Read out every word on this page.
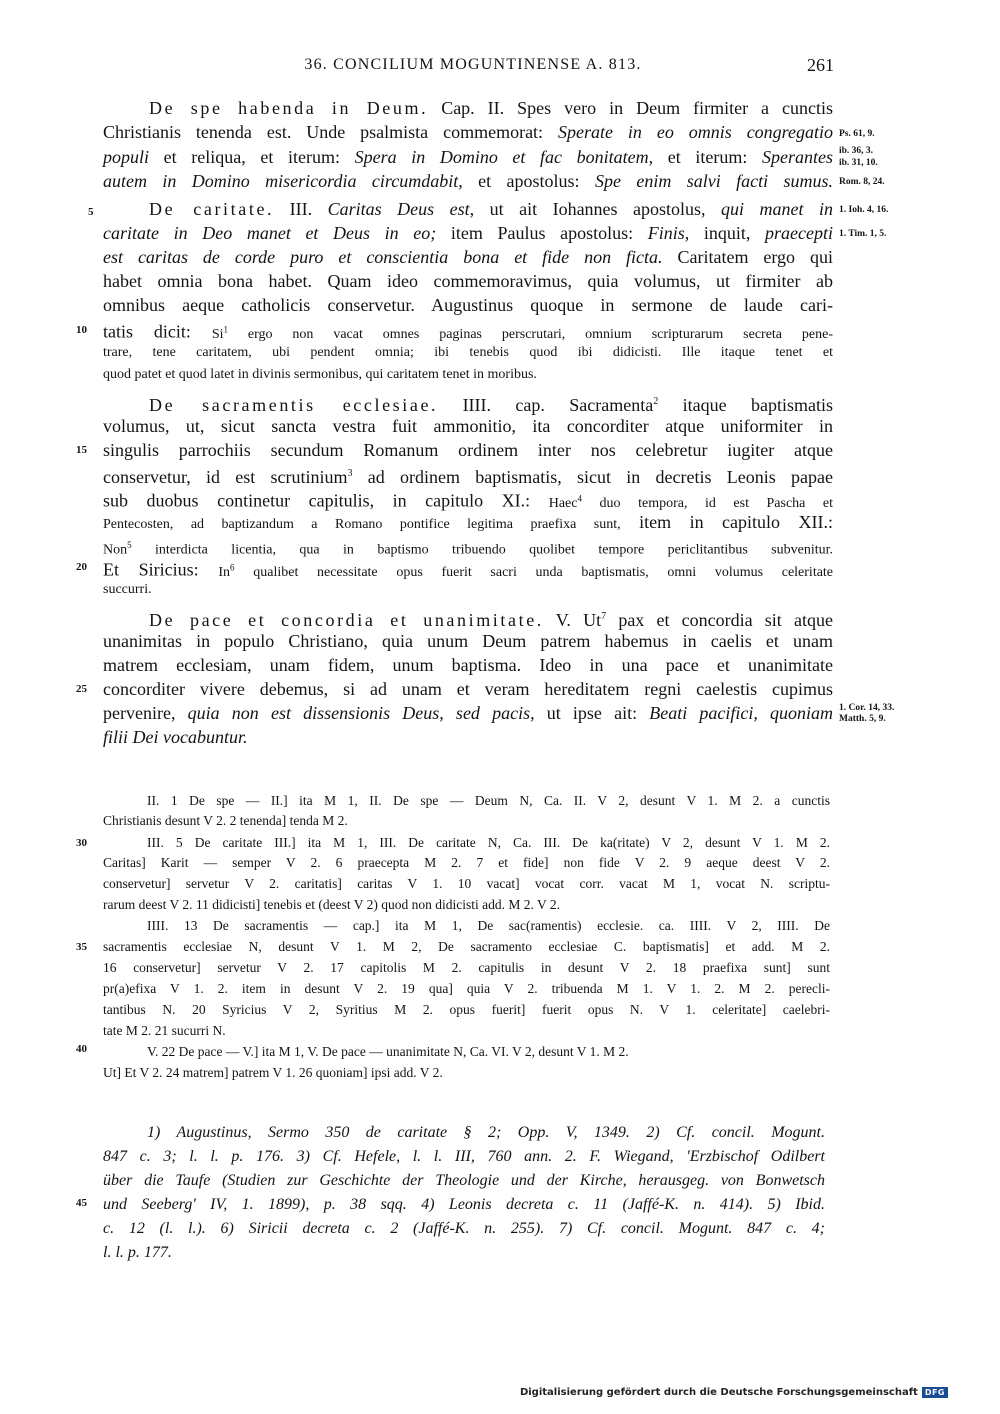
36. CONCILIUM MOGUNTINENSE A. 813.	261
De spe habenda in Deum. Cap. II. Spes vero in Deum firmiter a cunctis
Christianis tenenda est. Unde psalmista commemorat: Sperate in eo omnis congregatio
populi et reliqua, et iterum: Spera in Domino et fac bonitatem, et iterum: Sperantes
autem in Domino misericordia circumdabit, et apostolus: Spe enim salvi facti sumus.
De caritate. III. Caritas Deus est, ut ait Iohannes apostolus, qui manet in
caritate in Deo manet et Deus in eo; item Paulus apostolus: Finis, inquit, praecepti
est caritas de corde puro et conscientia bona et fide non ficta. Caritatem ergo qui
habet omnia bona habet. Quam ideo commemoravimus, quia volumus, ut firmiter ab
omnibus aeque catholicis conservetur. Augustinus quoque in sermone de laude cari-
tatis dicit: Si$^1$ ergo non vacat omnes paginas perscrutari, omnium scripturarum secreta pene-
trare, tene caritatem, ubi pendent omnia; ibi tenebis quod ibi didicisti. Ille itaque tenet et
quod patet et quod latet in divinis sermonibus, qui caritatem tenet in moribus.
De sacramentis ecclesiae. IIII. cap. Sacramenta$^2$ itaque baptismatis
volumus, ut, sicut sancta vestra fuit ammonitio, ita concorditer atque uniformiter in
singulis parrochiis secundum Romanum ordinem inter nos celebretur iugiter atque
conservetur, id est scrutinium$^3$ ad ordinem baptismatis, sicut in decretis Leonis papae
sub duobus continetur capitulis, in capitulo XI.: Haec$^4$ duo tempora, id est Pascha et
Pentecosten, ad baptizandum a Romano pontifice legitima praefixa sunt, item in capitulo XII.:
Non$^5$ interdicta licentia, qua in baptismo tribuendo quolibet tempore periclitantibus subvenitur.
Et Siricius: In$^6$ qualibet necessitate opus fuerit sacri unda baptismatis, omni volumus celeritate
succurri.
De pace et concordia et unanimitate. V. Ut$^7$ pax et concordia sit atque
unanimitas in populo Christiano, quia unum Deum patrem habemus in caelis et unam
matrem ecclesiam, unam fidem, unum baptisma. Ideo in una pace et unanimitate
concorditer vivere debemus, si ad unam et veram hereditatem regni caelestis cupimus
pervenire, quia non est dissensionis Deus, sed pacis, ut ipse ait: Beati pacifici, quoniam
filii Dei vocabuntur.
Ps. 61, 9.
ib. 36, 3.
ib. 31, 10.
Rom. 8, 24.
1. Ioh. 4, 16.
1. Tim. 1, 5.
1. Cor. 14, 33.
Matth. 5, 9.
5
10
15
20
25
30
35
40
45
II. 1 De spe — II.] ita M 1, II. De spe — Deum N, Ca. II. V 2, desunt V 1. M 2. a cunctis
Christianis desunt V 2. 2 tenenda] tenda M 2.
III. 5 De caritate III.] ita M 1, III. De caritate N, Ca. III. De ka(ritate) V 2, desunt V 1. M 2.
Caritas] Karit — semper V 2. 6 praecepta M 2. 7 et fide] non fide V 2. 9 aeque deest V 2.
conservetur] servetur V 2. caritatis] caritas V 1. 10 vacat] vocat corr. vacat M 1, vocat N. scriptu-
rarum deest V 2. 11 didicisti] tenebis et (deest V 2) quod non didicisti add. M 2. V 2.
IIII. 13 De sacramentis — cap.] ita M 1, De sac(ramentis) ecclesie. ca. IIII. V 2, IIII. De
sacramentis ecclesiae N, desunt V 1. M 2, De sacramento ecclesiae C. baptismatis] et add. M 2.
16 conservetur] servetur V 2. 17 capitolis M 2. capitulis in desunt V 2. 18 praefixa sunt] sunt
pr(a)efixa V 1. 2. item in desunt V 2. 19 qua] quia V 2. tribuenda M 1. V 1. 2. M 2. perecli-
tantibus N. 20 Syricius V 2, Syritius M 2. opus fuerit] fuerit opus N. V 1. celeritate] caelebri-
tate M 2. 21 sucurri N.
V. 22 De pace — V.] ita M 1, V. De pace — unanimitate N, Ca. VI. V 2, desunt V 1. M 2.
Ut] Et V 2. 24 matrem] patrem V 1. 26 quoniam] ipsi add. V 2.
1) Augustinus, Sermo 350 de caritate § 2; Opp. V, 1349. 2) Cf. concil. Mogunt.
847 c. 3; l. l. p. 176. 3) Cf. Hefele, l. l. III, 760 ann. 2. F. Wiegand, 'Erzbischof Odilbert
über die Taufe (Studien zur Geschichte der Theologie und der Kirche, herausgeg. von Bonwetsch
und Seeberg' IV, 1. 1899), p. 38 sqq. 4) Leonis decreta c. 11 (Jaffé-K. n. 414). 5) Ibid.
c. 12 (l. l.). 6) Siricii decreta c. 2 (Jaffé-K. n. 255). 7) Cf. concil. Mogunt. 847 c. 4;
l. l. p. 177.
Digitalisierung gefördert durch die Deutsche Forschungsgemeinschaft DFG
